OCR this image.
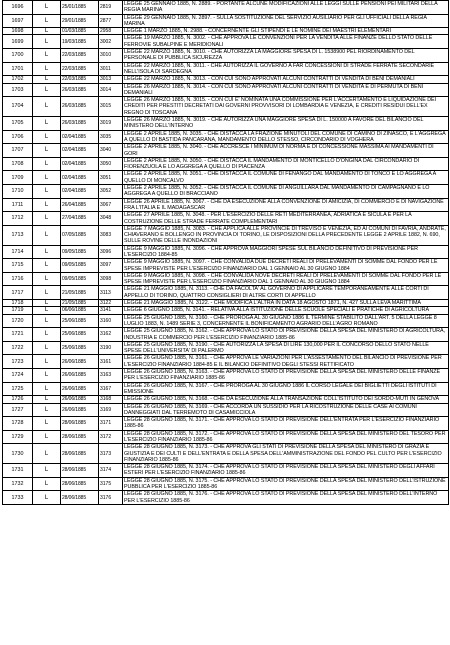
1696	L	25/01/1885	2819	LEGGE 25 GENNAIO 1885, N. 2889. - PORTANTE ALCUNE MODIFICAZIONI ALLE LEGGI SULLE PENSIONI PEI MILITARI DELLA REGIA MARINA
1697	L	29/01/1885	2877	LEGGE 29 GENNAIO 1885, N. 2897. - SULLA SOSTITUZIONE DEL SERVIZIO AUSILIARIO PER GLI UFFICIALI DELLA REGIA MARINA
1698	L	01/03/1885	2958	LEGGE 1 MARZO 1885, N. 2988. - CONCERNENTE GLI STIPENDI E LE NOMINE DEI MAESTRI ELEMENTARI
1699	L	19/03/1885	3002	LEGGE 19 MARZO 1885, N. 3002. - CHE APPROVA LE CONVENZIONI PER LA VENDITA ALLE FINANZE DELLO STATO DELLE FERROVIE SUBALPINE E MERIDIONALI
1700	L	22/03/1885	3010	LEGGE 22 MARZO 1885, N. 3010. - CHE AUTORIZZA LA MAGGIORE SPESA DI L. 1538900 PEL RIORDINAMENTO DEL PERSONALE DI PUBBLICA SICUREZZA
1701	L	22/03/1885	3011	LEGGE 22 MARZO 1885, N. 3011. - CHE AUTORIZZA IL GOVERNO A FAR CONCESSIONI DI STRADE FERRATE SECONDARIE NELL'ISOLA DI SARDEGNA
1702	L	22/03/1885	3013	LEGGE 22 MARZO 1885, N. 3013. - CON CUI SONO APPROVATI ALCUNI CONTRATTI DI VENDITA DI BENI DEMANIALI
1703	L	26/03/1885	3014	LEGGE 26 MARZO 1885, N. 3014. - CON CUI SONO APPROVATI ALCUNI CONTRATTI DI VENDITA E DI PERMUTA DI BENI DEMANIALI
1704	L	26/03/1885	3015	LEGGE 26 MARZO 1885, N. 3015. - CON CUI E' NOMINATA UNA COMMISSIONE PER L'ACCERTAMENTO E LIQUIDAZIONE DEI CREDITI PER PRESTITI DECRETATI DAI GOVERNI PROVVISORI DI LOMBARDIA E VENEZIA, E CREDITI RESIDUI DELL'EX REGNO DI TOSCANA
1705	L	26/03/1885	3019	LEGGE 26 MARZO 1885, N. 3019. - CHE AUTORIZZA UNA MAGGIORE SPESA DI L. 150000 A FAVORE DEL BILANCIO DEL MINISTERO DELL'INTERNO
1706	L	02/04/1885	3035	LEGGE 2 APRILE 1885, N. 3035. - CHE DISTACCA LA FRAZIONE MINUTOLI DEL COMUNE DI CAMINO DI ZINASCO, E L'AGGREGA A QUELLO DI BASTIDA PANCARANA, MANDAMENTO DELLO STESSO, CIRCONDARIO DI VOGHERA
1707	L	02/04/1885	3040	LEGGE 2 APRILE 1885, N. 3040. - CHE ACCRESCE I MINIMUM DI NORMA E DI CONCESSIONE MASSIMA AI MANDAMENTI DI GORI
1708	L	02/04/1885	3050	LEGGE 2 APRILE 1885, N. 3050. - CHE DISTACCA IL MANDAMENTO DI MONTICELLO D'ONGINA DAL CIRCONDARIO DI FIORENZUOLA E LO AGGREGA A QUELLO DI PIACENZA
1709	L	02/04/1885	3051	LEGGE 2 APRILE 1885, N. 3051. - CHE DISTACCA IL COMUNE DI FENANGO DAL MANDAMENTO DI TONCO E LO AGGREGA A QUELLO DI MONCALVO
1710	L	02/04/1885	3052	LEGGE 2 APRILE 1885, N. 3052. - CHE DISTACCA IL COMUNE DI ANGUILLARA DAL MANDAMENTO DI CAMPAGNANO E LO AGGREGA A QUELLO DI BRACCIANO
1711	L	26/04/1885	3067	LEGGE 26 APRILE 1885, N. 3067. - CHE DA ESECUZIONE ALLA CONVENZIONE DI AMICIZIA, DI COMMERCIO E DI NAVIGAZIONE FRA L'ITALIA E IL MADAGASCAR
1712	L	27/04/1885	3048	LEGGE 27 APRILE 1885, N. 3048. - PER L'ESERCIZIO DELLE RETI MEDITERRANEA, ADRIATICA E SICULA E PER LA COSTRUZIONE DELLE STRADE FERRATE COMPLEMENTARI
1713	L	07/05/1885	3083	LEGGE 7 MAGGIO 1885, N. 3083. - CHE APPLICA ALLE PROVINCIE DI TREVISO E VENEZIA, ED AI COMUNI DI FAVRIA, ANDRATE, CHIAVERANO E BOLLENGO IN PROVINCIA DI TORINO, LE DISPOSIZIONI DELLA PRECEDENTE LEGGE 2 APRILE 1882, N. 690, SULLE ROVINE DELLE INONDAZIONI
1714	L	09/05/1885	3096	LEGGE 9 MAGGIO 1885, N. 3096. - CHE APPROVA MAGGIORI SPESE SUL BILANCIO DEFINITIVO DI PREVISIONE PER L'ESERCIZIO 1884-85
1715	L	09/05/1885	3097	LEGGE 9 MAGGIO 1885, N. 3097. - CHE CONVALIDA DUE DECRETI REALI DI PRELEVAMENTI DI SOMME DAL FONDO PER LE SPESE IMPREVISTE PER L'ESERCIZIO FINANZIARIO DAL 1 GENNAIO AL 30 GIUGNO 1884
1716	L	09/05/1885	3098	LEGGE 9 MAGGIO 1885, N. 3098. - CHE CONVALIDA NOVE DECRETI REALI DI PRELEVAMENTI DI SOMME DAL FONDO PER LE SPESE IMPREVISTE PER L'ESERCIZIO FINANZIARIO DAL 1 GENNAIO AL 30 GIUGNO 1884
1717	L	21/05/1885	3113	LEGGE 21 MAGGIO 1885, N. 3113. - CHE DA FACOLTA' AL GOVERNO DI APPLICARE TEMPORANEAMENTE ALLE CORTI DI APPELLO DI TORINO, QUATTRO CONSIGLIERI DI ALTRE CORTI DI APPELLO
1718	L	21/05/1885	3122	LEGGE 21 MAGGIO 1885, N. 3122. - CHE MODIFICA L'ALTRA IN DATA 18 AGOSTO 1871, N. 427 SULLA LEVA MARITTIMA
1719	L	06/06/1885	3141	LEGGE 6 GIUGNO 1885, N. 3141. - RELATIVA ALLA ISTITUZIONE DELLE SCUOLE SPECIALI E PRATICHE DI AGRICOLTURA
1720	L	25/06/1885	3160	LEGGE 25 GIUGNO 1885, N. 3160. - CHE PROROGA AL 30 GIUGNO 1886 IL TERMINE STABILITO DALL'ART. 5 DELLA LEGGE 8 LUGLIO 1883, N. 1489 SERIE 3, CONCERNENTE IL BONIFICAMENTO AGRARIO DELL'AGRO ROMANO
1721	L	25/06/1885	3162	LEGGE 25 GIUGNO 1885, N. 3162. - CHE APPROVA LO STATO DI PREVISIONE DELLA SPESA DEL MINISTERO DI AGRICOLTURA, INDUSTRIA E COMMERCIO PER L'ESERCIZIO FINANZIARIO 1885-86
1722	L	25/06/1885	3190	LEGGE 25 GIUGNO 1885, N. 3190. - CHE AUTORIZZA LA SPESA DI LIRE 130,000 PER IL CONCORSO DELLO STATO NELLE SPESE DELL'UNIVERSITA' DI PALERMO
1723	L	26/06/1885	3161	LEGGE 26 GIUGNO 1885, N. 3161. - CHE APPROVA LE VARIAZIONI PER L'ASSESTAMENTO DEL BILANCIO DI PREVISIONE PER L'ESERCIZIO FINANZIARIO 1884-85 E IL BILANCIO DEFINITIVO DEGLI STESSI RETTIFICATO
1724	L	26/06/1885	3163	LEGGE 26 GIUGNO 1885, N. 3163. - CHE APPROVA LO STATO DI PREVISIONE DELLA SPESA DEL MINISTERO DELLE FINANZE PER L'ESERCIZIO FINANZIARIO 1885-86
1725	L	26/06/1885	3167	LEGGE 26 GIUGNO 1885, N. 3167. - CHE PROROGA AL 30 GIUGNO 1886 IL CORSO LEGALE DEI BIGLIETTI DEGLI ISTITUTI DI EMISSIONE
1726	L	26/06/1885	3168	LEGGE 26 GIUGNO 1885, N. 3168. - CHE DA ESECUZIONE ALLA TRANSAZIONE COLL'ISTITUTO DEI SORDO-MUTI IN GENOVA
1727	L	26/06/1885	3169	LEGGE 26 GIUGNO 1885, N. 3169. - CHE ACCORDA UN SUSSIDIO PER LA RICOSTRUZIONE DELLE CASE AI COMUNI DANNEGGIATI DAL TERREMOTO DI CASAMICCIOLA
1728	L	28/06/1885	3171	LEGGE 28 GIUGNO 1885, N. 3171. - CHE APPROVA LO STATO DI PREVISIONE DELL'ENTRATA PER L'ESERCIZIO FINANZIARIO 1885-86
1729	L	28/06/1885	3172	LEGGE 28 GIUGNO 1885, N. 3172. - CHE APPROVA LO STATO DI PREVISIONE DELLA SPESA DEL MINISTERO DEL TESORO PER L'ESERCIZIO FINANZIARIO 1885-86
1730	L	28/06/1885	3173	LEGGE 28 GIUGNO 1885, N. 3173. - CHE APPROVA GLI STATI DI PREVISIONE DELLA SPESA DEL MINISTERO DI GRAZIA E GIUSTIZIA E DEI CULTI E DELL'ENTRATA E DELLA SPESA DELL'AMMINISTRAZIONE DEL FONDO PEL CULTO PER L'ESERCIZIO FINANZIARIO 1885-86
1731	L	28/06/1885	3174	LEGGE 28 GIUGNO 1885, N. 3174. - CHE APPROVA LO STATO DI PREVISIONE DELLA SPESA DEL MINISTERO DEGLI AFFARI ESTERI PER L'ESERCIZIO FINANZIARIO 1885-86
1732	L	28/06/1885	3175	LEGGE 28 GIUGNO 1885, N. 3175. - CHE APPROVA LO STATO DI PREVISIONE DELLA SPESA DEL MINISTERO DELL'ISTRUZIONE PUBBLICA PER L'ESERCIZIO 1885-86
1733	L	28/06/1885	3176	LEGGE 28 GIUGNO 1885, N. 3176. - CHE APPROVA LO STATO DI PREVISIONE DELLA SPESA DEL MINISTERO DELL'INTERNO PER L'ESERCIZIO 1885-86
